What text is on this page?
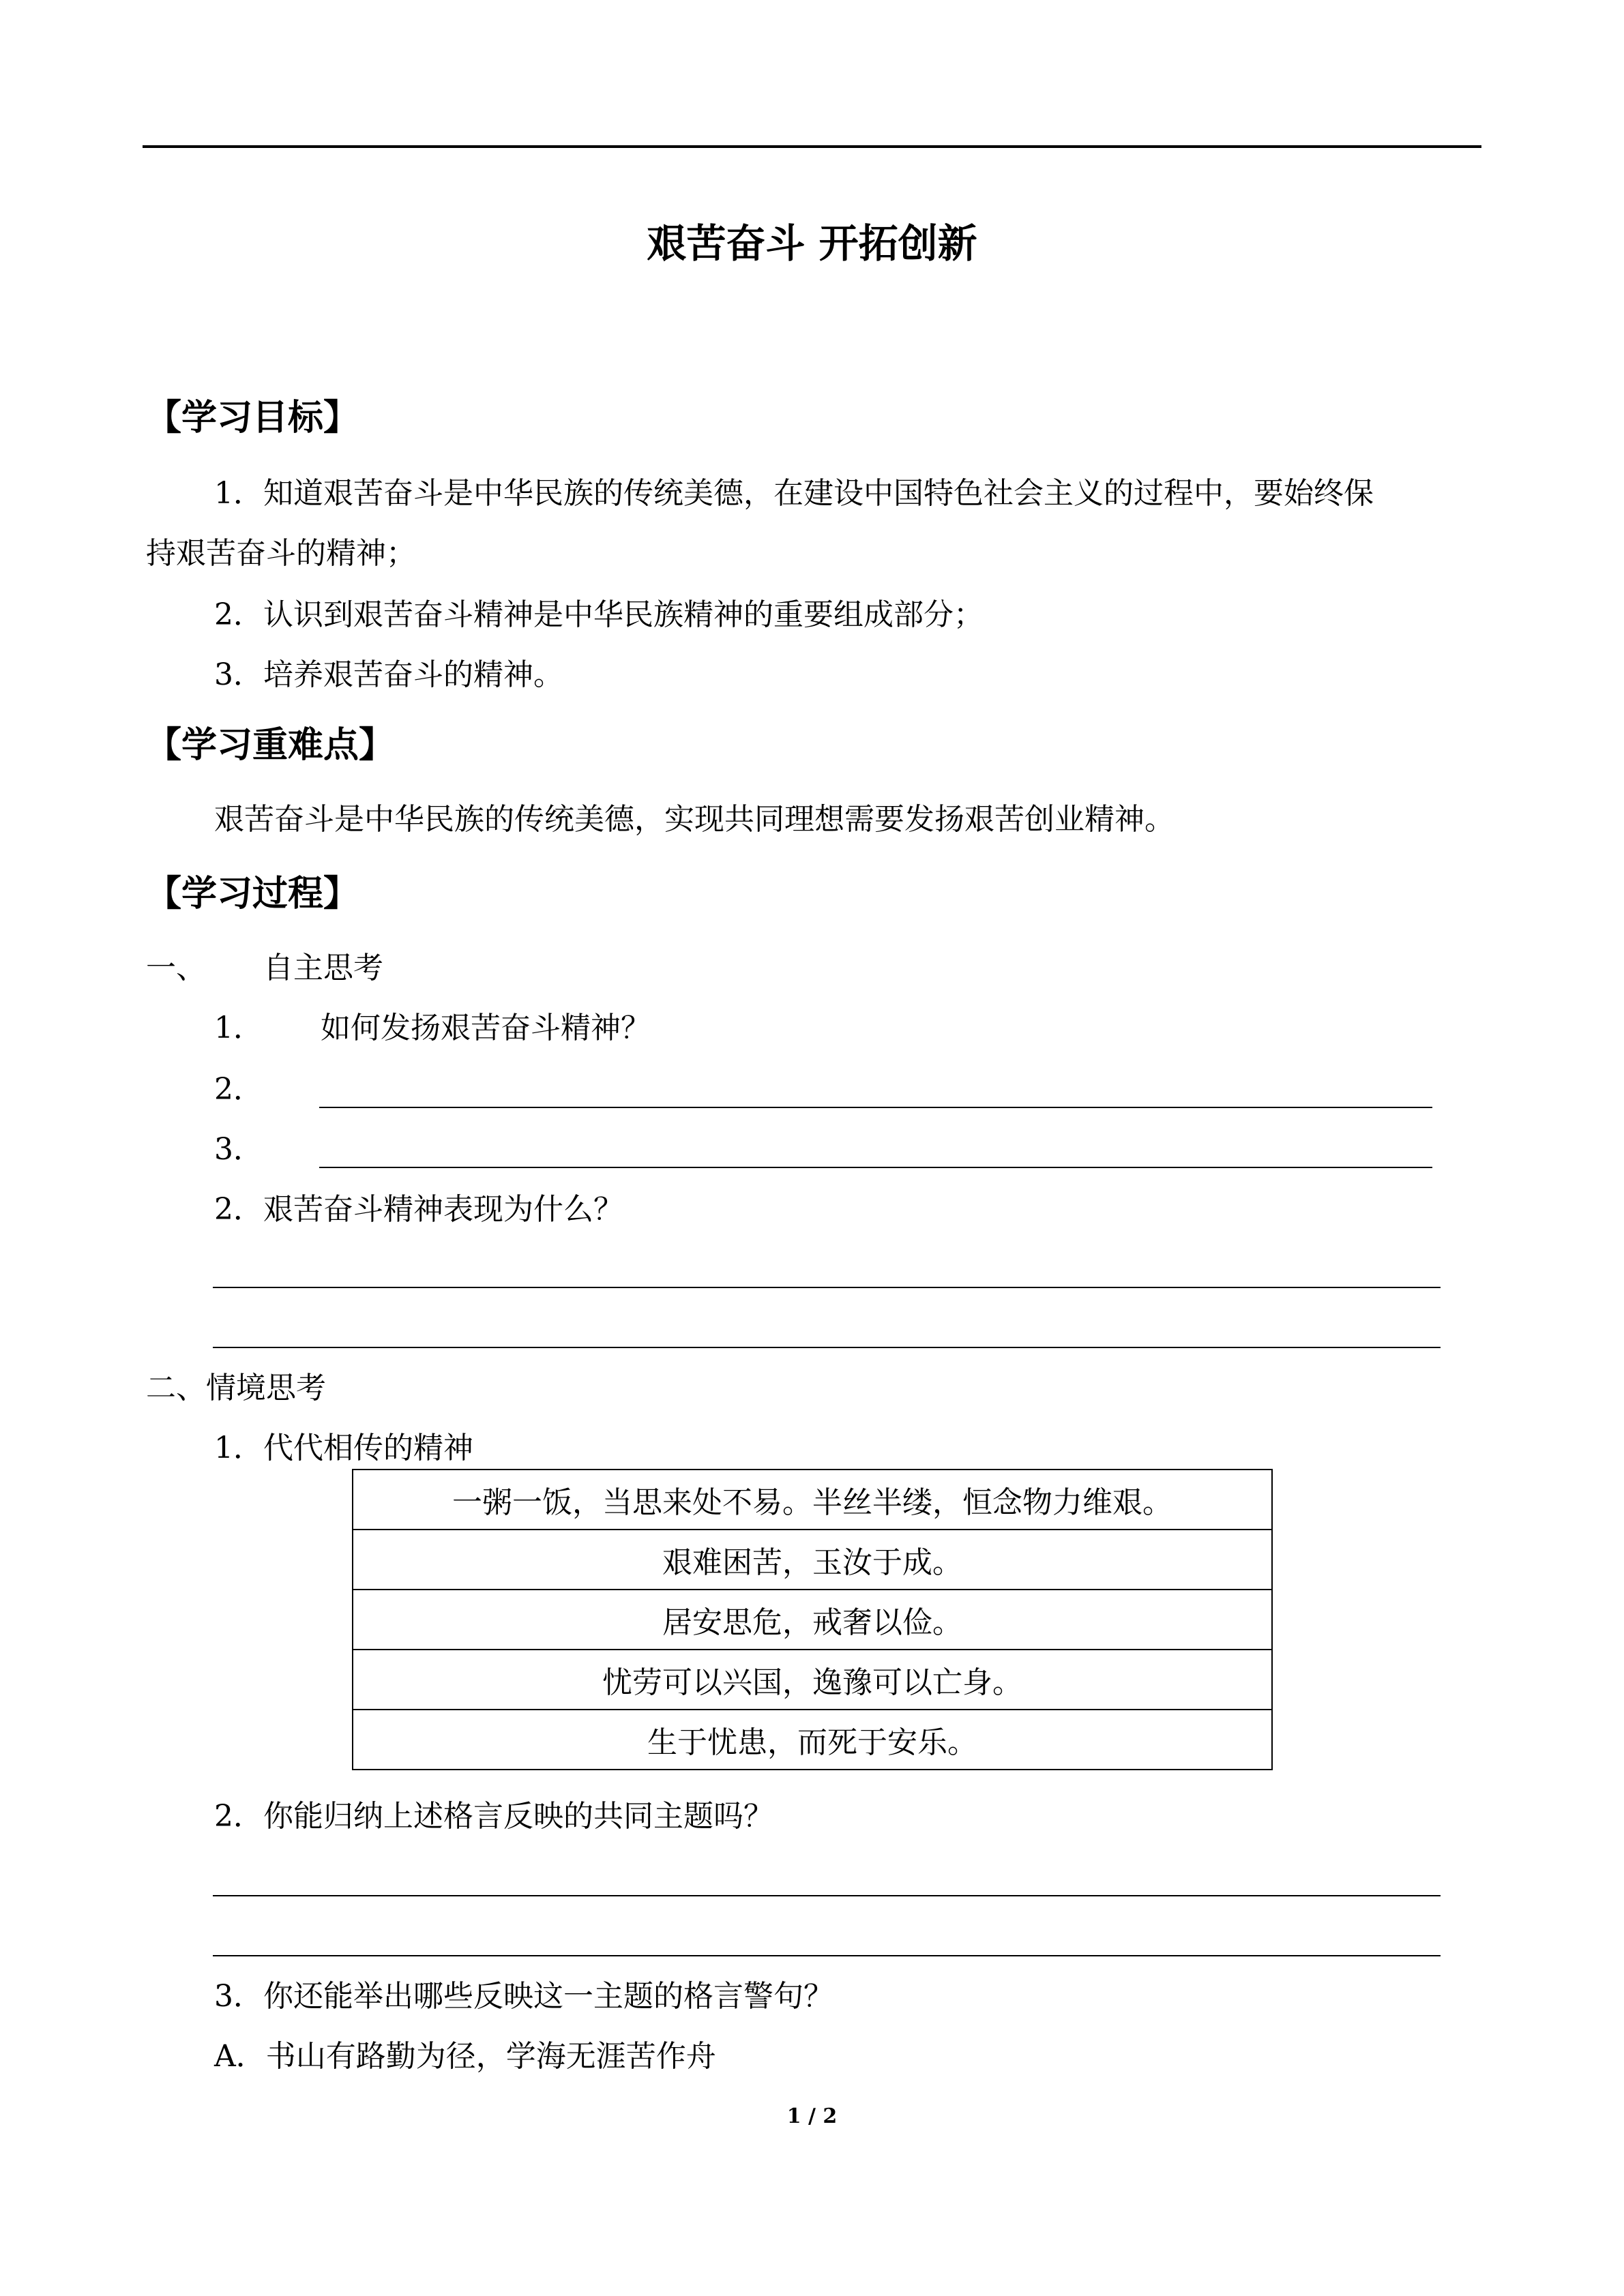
艰苦奋斗 开拓创新
【学习目标】
1．知道艰苦奋斗是中华民族的传统美德，在建设中国特色社会主义的过程中，要始终保
持艰苦奋斗的精神；
2．认识到艰苦奋斗精神是中华民族精神的重要组成部分；
3．培养艰苦奋斗的精神。
【学习重难点】
艰苦奋斗是中华民族的传统美德，实现共同理想需要发扬艰苦创业精神。
【学习过程】
一、 自主思考
1． 如何发扬艰苦奋斗精神？
2．
3．
2．艰苦奋斗精神表现为什么？
二、情境思考
1．代代相传的精神
一粥一饭，当思来处不易。半丝半缕，恒念物力维艰。
艰难困苦，玉汝于成。
居安思危，戒奢以俭。
忧劳可以兴国，逸豫可以亡身。
生于忧患，而死于安乐。
2．你能归纳上述格言反映的共同主题吗？
3．你还能举出哪些反映这一主题的格言警句？
A．书山有路勤为径，学海无涯苦作舟
1 / 2
